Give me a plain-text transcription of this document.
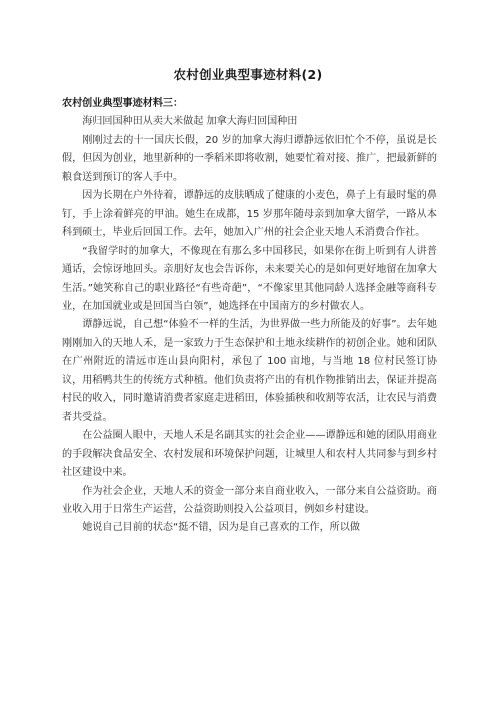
农村创业典型事迹材料(2)

农村创业典型事迹材料三：

海归回国种田从卖大米做起 加拿大海归回国种田

刚刚过去的十一国庆长假，20 岁的加拿大海归谭静远依旧忙个不停，虽说是长假，但因为创业，地里新种的一季稻米即将收割，她要忙着对接、推广，把最新鲜的粮食送到预订的客人手中。

因为长期在户外待着，谭静远的皮肤晒成了健康的小麦色，鼻子上有最时髦的鼻钉，手上涂着鲜亮的甲油。她生在成都，15 岁那年随母亲到加拿大留学，一路从本科到硕士，毕业后回国工作。去年，她加入广州的社会企业天地人禾消费合作社。

“我留学时的加拿大，不像现在有那么多中国移民，如果你在街上听到有人讲普通话，会惊讶地回头。亲朋好友也会告诉你，未来要关心的是如何更好地留在加拿大生活。”她笑称自己的职业路径“有些奇葩”，“不像家里其他同龄人选择金融等商科专业，在加国就业或是回国当白领”，她选择在中国南方的乡村做农人。

谭静远说，自己想“体验不一样的生活，为世界做一些力所能及的好事”。去年她刚刚加入的天地人禾，是一家致力于生态保护和土地永续耕作的初创企业。她和团队在广州附近的清远市连山县向阳村，承包了 100 亩地，与当地 18 位村民签订协议，用稻鸭共生的传统方式种植。他们负责将产出的有机作物推销出去，保证并提高村民的收入，同时邀请消费者家庭走进稻田，体验插秧和收割等农活，让农民与消费者共受益。

在公益圈人眼中，天地人禾是名副其实的社会企业——谭静远和她的团队用商业的手段解决食品安全、农村发展和环境保护问题，让城里人和农村人共同参与到乡村社区建设中来。

作为社会企业，天地人禾的资金一部分来自商业收入，一部分来自公益资助。商业收入用于日常生产运营，公益资助则投入公益项目，例如乡村建设。

她说自己目前的状态“挺不错，因为是自己喜欢的工作，所以做
